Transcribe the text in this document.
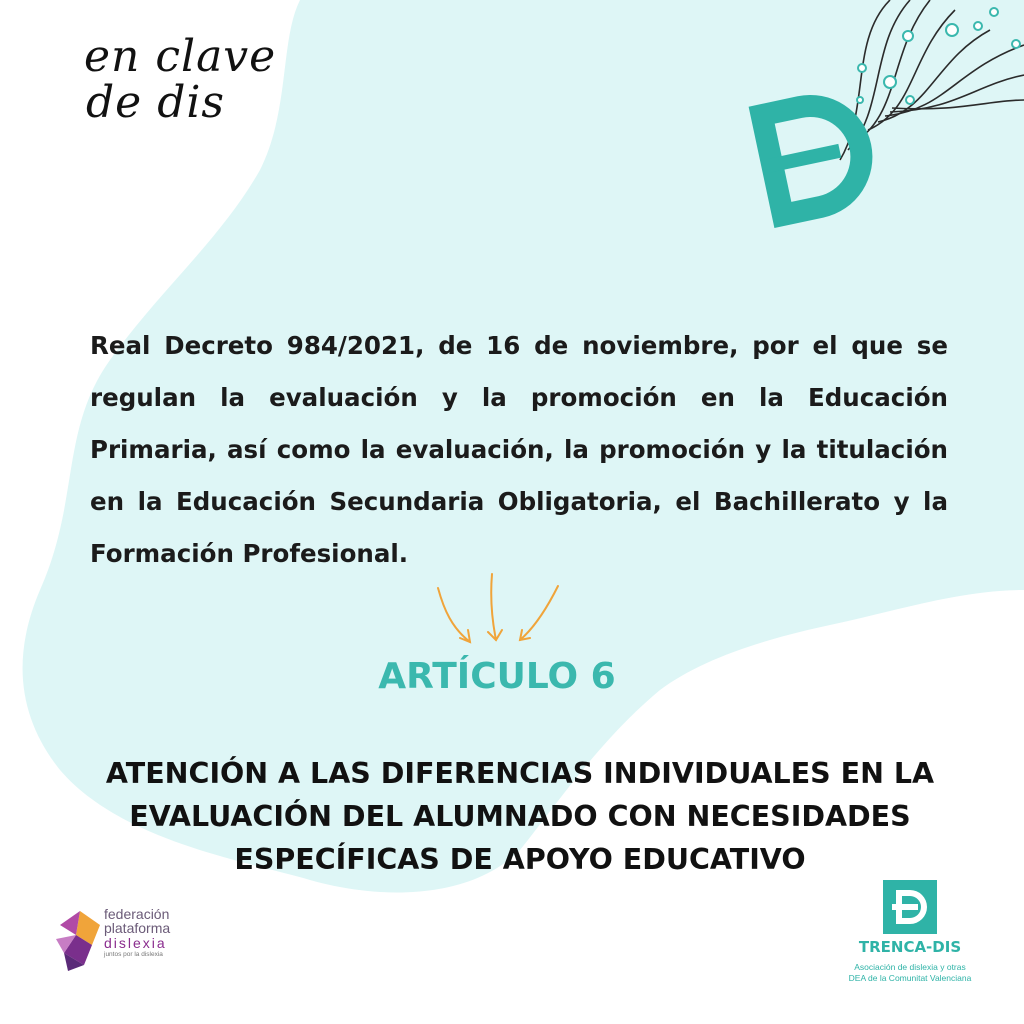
en clave
de dis
Real Decreto 984/2021, de 16 de noviembre, por el que se regulan la evaluación y la promoción en la Educación Primaria, así como la evaluación, la promoción y la titulación en la Educación Secundaria Obligatoria, el Bachillerato y la Formación Profesional.
ARTÍCULO 6
ATENCIÓN A LAS DIFERENCIAS INDIVIDUALES EN LA
EVALUACIÓN DEL ALUMNADO CON NECESIDADES
ESPECÍFICAS DE APOYO EDUCATIVO
federación
plataforma
dislexia
juntos por la dislexia	TRENCA-DIS
Asociación de dislexia y otras
DEA de la Comunitat Valenciana
